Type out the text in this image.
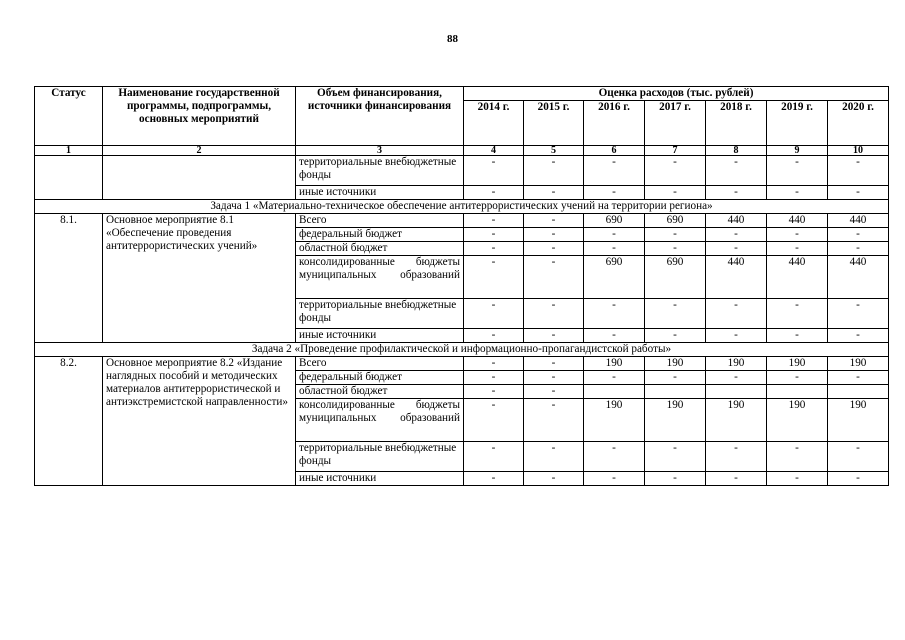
88
Статус	Наименование государственной программы, подпрограммы, основных мероприятий	Объем финансирования, источники финансирования	Оценка расходов (тыс. рублей)						
			2014 г.	2015 г.	2016 г.	2017 г.	2018 г.	2019 г.	2020 г.
1	2	3	4	5	6	7	8	9	10
		территориальные внебюджетные фонды	-	-	-	-	-	-	-
		иные источники	-	-	-	-	-	-	-
Задача 1 «Материально-техническое обеспечение антитеррористических учений на территории региона»									
8.1.	Основное мероприятие 8.1 «Обеспечение проведения антитеррористических учений»	Всего	-	-	690	690	440	440	440
		федеральный бюджет	-	-	-	-	-	-	-
		областной бюджет	-	-	-	-	-	-	-
		консолидированные бюджеты муниципальных образований	-	-	690	690	440	440	440
		территориальные внебюджетные фонды	-	-	-	-	-	-	-
		иные источники	-	-	-	-	-	-	-
Задача 2 «Проведение профилактической и информационно-пропагандистской работы»									
8.2.	Основное мероприятие 8.2 «Издание наглядных пособий и методических материалов антитеррористической и антиэкстремистской направленности»	Всего	-	-	190	190	190	190	190
		федеральный бюджет	-	-	-	-	-	-	-
		областной бюджет	-	-					
		консолидированные бюджеты муниципальных образований	-	-	190	190	190	190	190
		территориальные внебюджетные фонды	-	-	-	-	-	-	-
		иные источники	-	-	-	-	-	-	-
